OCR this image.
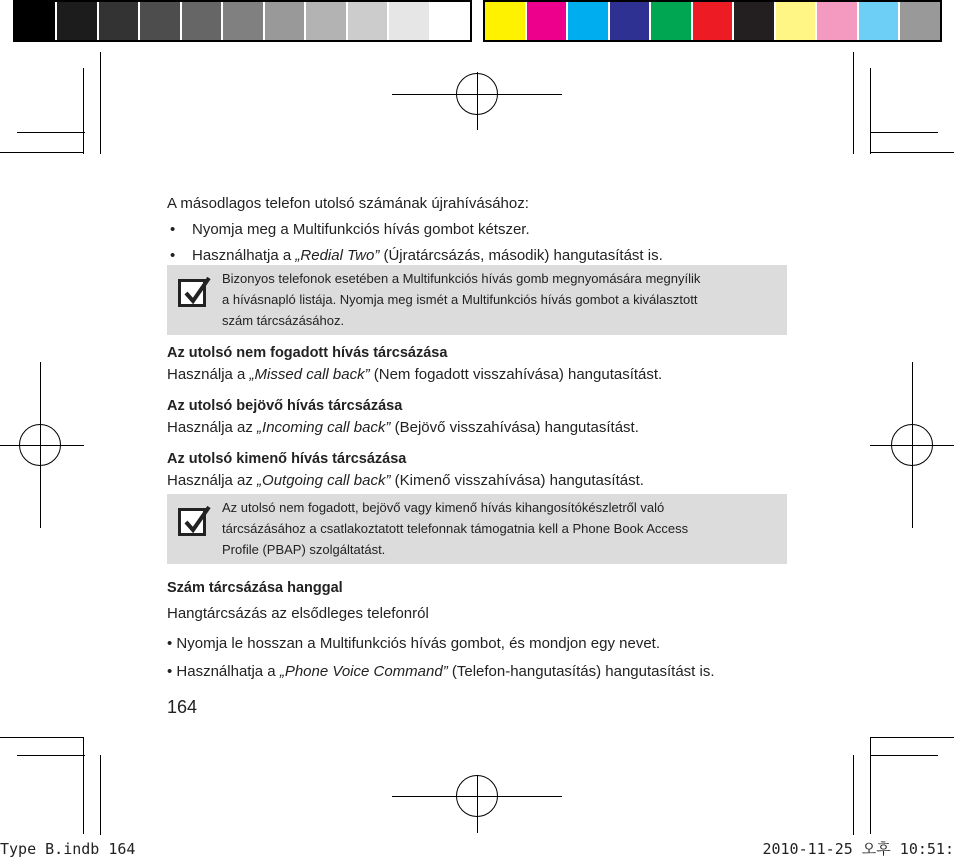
A másodlagos telefon utolsó számának újrahívásához:
• Nyomja meg a Multifunkciós hívás gombot kétszer.
• Használhatja a „Redial Two” (Újratárcsázás, második) hangutasítást is.
Bizonyos telefonok esetében a Multifunkciós hívás gomb megnyomására megnyílik
a hívásnapló listája. Nyomja meg ismét a Multifunkciós hívás gombot a kiválasztott
szám tárcsázásához.
Az utolsó nem fogadott hívás tárcsázása
Használja a „Missed call back” (Nem fogadott visszahívása) hangutasítást.
Az utolsó bejövő hívás tárcsázása
Használja az „Incoming call back” (Bejövő visszahívása) hangutasítást.
Az utolsó kimenő hívás tárcsázása
Használja az „Outgoing call back” (Kimenő visszahívása) hangutasítást.
Az utolsó nem fogadott, bejövő vagy kimenő hívás kihangosítókészletről való
tárcsázásához a csatlakoztatott telefonnak támogatnia kell a Phone Book Access
Profile (PBAP) szolgáltatást.
Szám tárcsázása hanggal
Hangtárcsázás az elsődleges telefonról
• Nyomja le hosszan a Multifunkciós hívás gombot, és mondjon egy nevet.
• Használhatja a „Phone Voice Command” (Telefon-hangutasítás) hangutasítást is.
164
Type B.indb 164	2010-11-25 오후 10:51:
